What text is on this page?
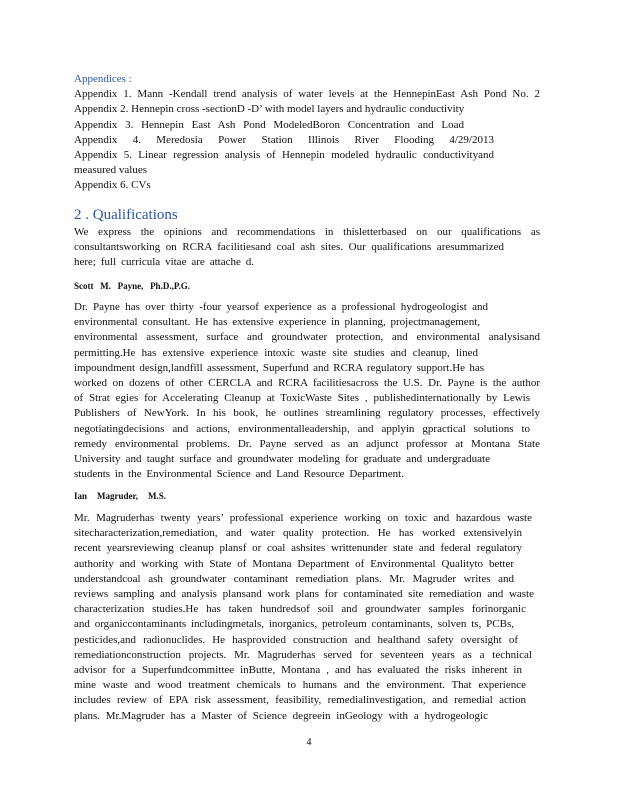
Appendices :
Appendix 1. Mann -Kendall trend analysis of water levels at the HennepinEast Ash Pond No. 2
Appendix 2. Hennepin cross -sectionD -D’ with model layers and hydraulic conductivity
Appendix 3. Hennepin East Ash Pond ModeledBoron Concentration and Load
Appendix 4. Meredosia Power Station Illinois River Flooding 4/29/2013
Appendix 5. Linear regression analysis of Hennepin modeled hydraulic conductivityand
measured values
Appendix 6. CVs
2 . Qualifications
We express the opinions and recommendations in thisletterbased on our qualifications as
consultantsworking on RCRA facilitiesand coal ash sites. Our qualifications aresummarized
here; full curricula vitae are attache d.
Scott M. Payne, Ph.D.,P.G.
Dr. Payne has over thirty -four yearsof experience as a professional hydrogeologist and
environmental consultant. He has extensive experience in planning, projectmanagement,
environmental assessment, surface and groundwater protection, and environmental analysisand
permitting.He has extensive experience intoxic waste site studies and cleanup, lined
impoundment design,landfill assessment, Superfund and RCRA regulatory support.He has
worked on dozens of other CERCLA and RCRA facilitiesacross the U.S. Dr. Payne is the author
of Strat egies for Accelerating Cleanup at ToxicWaste Sites , publishedinternationally by Lewis
Publishers of NewYork. In his book, he outlines streamlining regulatory processes, effectively
negotiatingdecisions and actions, environmentalleadership, and applyin gpractical solutions to
remedy environmental problems. Dr. Payne served as an adjunct professor at Montana State
University and taught surface and groundwater modeling for graduate and undergraduate
students in the Environmental Science and Land Resource Department.
Ian Magruder, M.S.
Mr. Magruderhas twenty years’ professional experience working on toxic and hazardous waste
sitecharacterization,remediation, and water quality protection. He has worked extensivelyin
recent yearsreviewing cleanup plansf or coal ashsites writtenunder state and federal regulatory
authority and working with State of Montana Department of Environmental Qualityto better
understandcoal ash groundwater contaminant remediation plans. Mr. Magruder writes and
reviews sampling and analysis plansand work plans for contaminated site remediation and waste
characterization studies.He has taken hundredsof soil and groundwater samples forinorganic
and organiccontaminants includingmetals, inorganics, petroleum contaminants, solven ts, PCBs,
pesticides,and radionuclides. He hasprovided construction and healthand safety oversight of
remediationconstruction projects. Mr. Magruderhas served for seventeen years as a technical
advisor for a Superfundcommittee inButte, Montana , and has evaluated the risks inherent in
mine waste and wood treatment chemicals to humans and the environment. That experience
includes review of EPA risk assessment, feasibility, remedialinvestigation, and remedial action
plans. Mr.Magruder has a Master of Science degreein inGeology with a hydrogeologic
4
